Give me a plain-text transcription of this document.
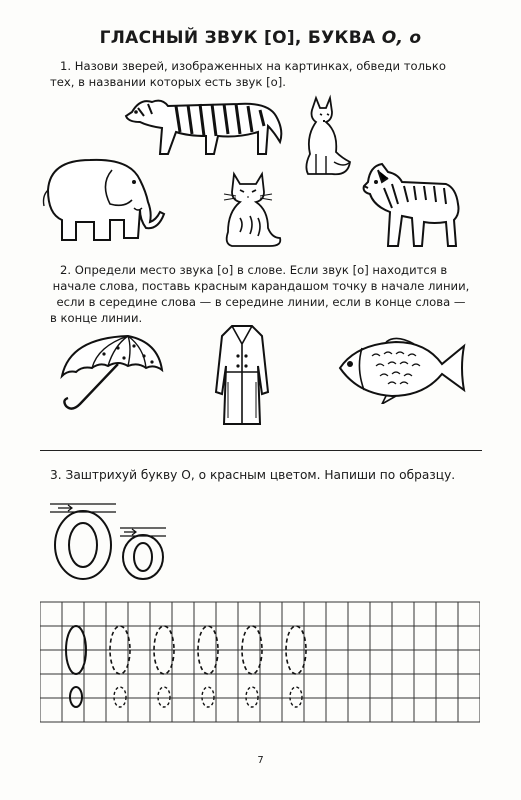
ГЛАСНЫЙ ЗВУК [О], БУКВА О, о
1. Назови зверей, изображенных на картинках, обведи только
тех, в названии которых есть звук [о].
2. Определи место звука [о] в слове. Если звук [о] находится в
начале слова, поставь красным карандашом точку в начале линии,
если в середине слова — в середине линии, если в конце слова —
в конце линии.
3. Заштрихуй букву О, о красным цветом. Напиши по образцу.
7
